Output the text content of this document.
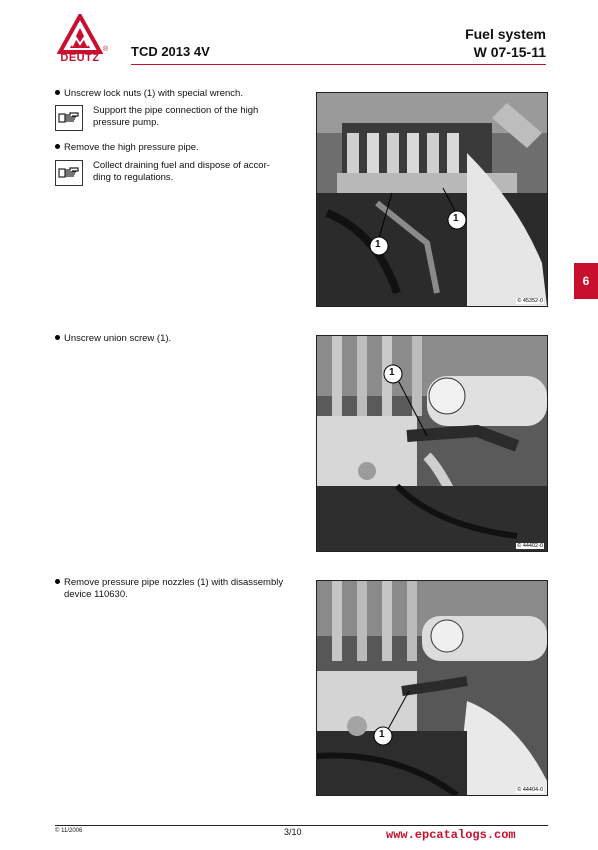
DEUTZ
® TCD 2013 4V
Fuel system
W 07-15-11
Unscrew lock nuts (1) with special wrench.
Support the pipe connection of the high
pressure pump.
Remove the high pressure pipe.
Collect draining fuel and dispose of accor-
ding to regulations.
1
1
© 45352-0
Unscrew union screw (1).
1
© 44402-0
Remove pressure pipe nozzles (1) with disassembly
device 110630.
1
© 44404-0
6
© 11/2006	3/10	www.epcatalogs.com
